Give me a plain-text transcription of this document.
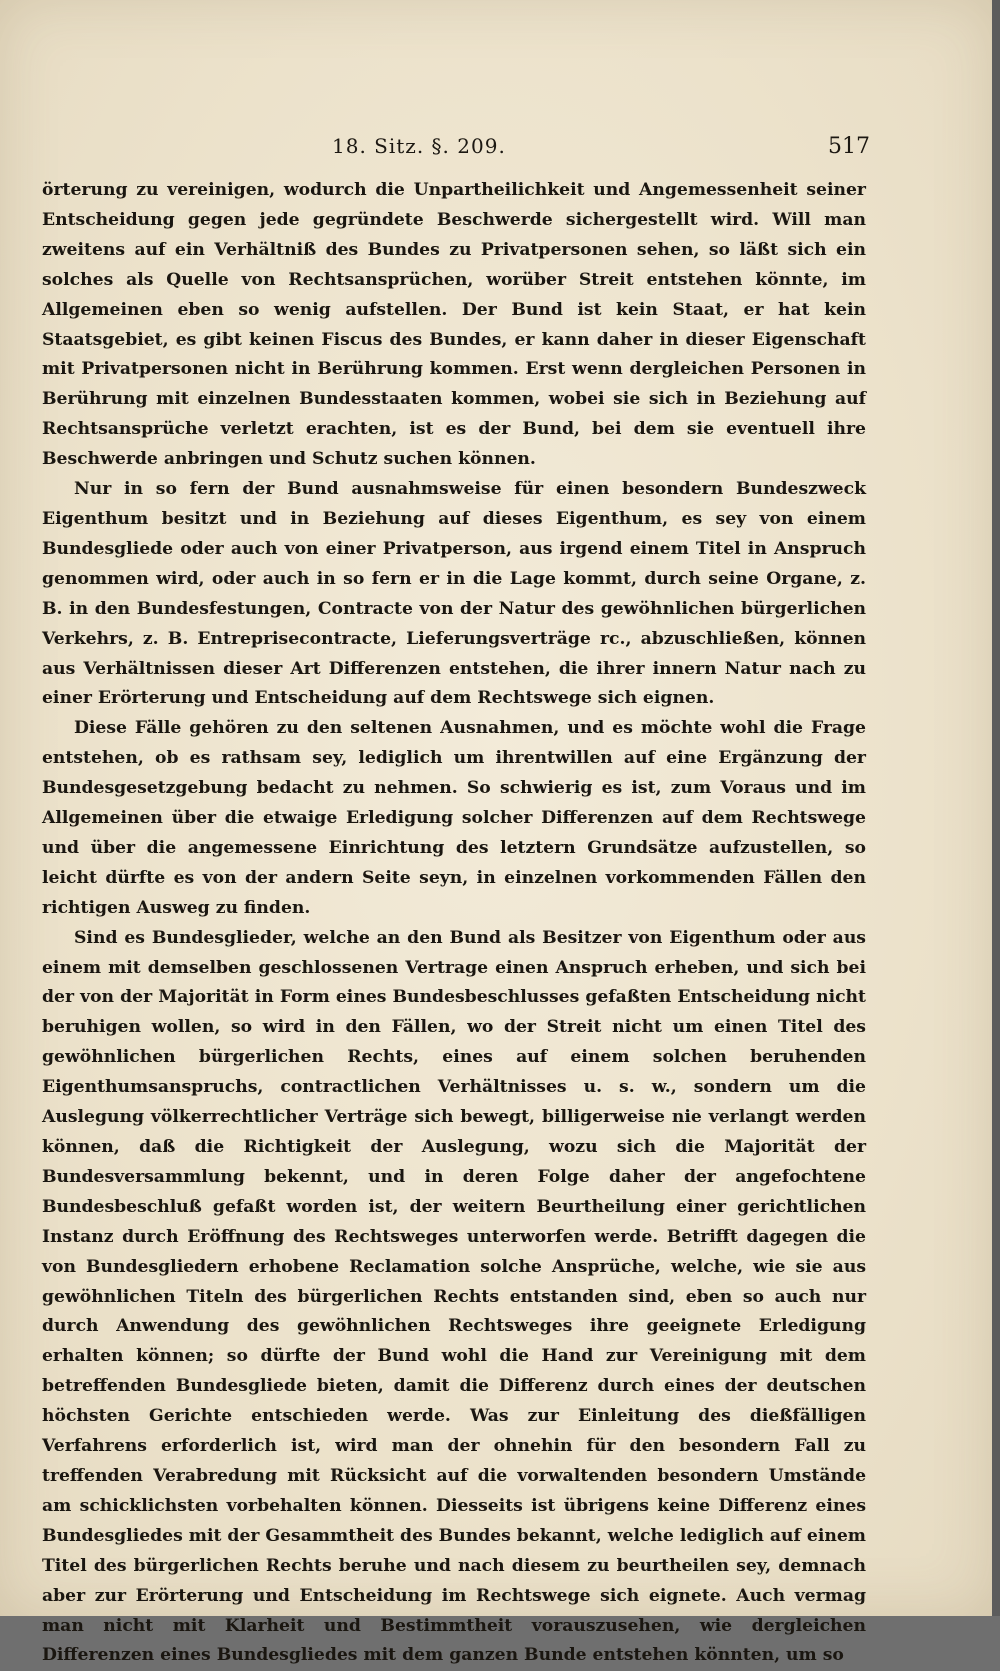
18. Sitz. §. 209.	517

örterung zu vereinigen, wodurch die Unpartheilichkeit und Angemessenheit seiner Entscheidung gegen jede gegründete Beschwerde sichergestellt wird. Will man zweitens auf ein Verhältniß des Bundes zu Privatpersonen sehen, so läßt sich ein solches als Quelle von Rechtsansprüchen, worüber Streit entstehen könnte, im Allgemeinen eben so wenig aufstellen. Der Bund ist kein Staat, er hat kein Staatsgebiet, es gibt keinen Fiscus des Bundes, er kann daher in dieser Eigenschaft mit Privatpersonen nicht in Berührung kommen. Erst wenn dergleichen Personen in Berührung mit einzelnen Bundesstaaten kommen, wobei sie sich in Beziehung auf Rechtsansprüche verletzt erachten, ist es der Bund, bei dem sie eventuell ihre Beschwerde anbringen und Schutz suchen können.

Nur in so fern der Bund ausnahmsweise für einen besondern Bundeszweck Eigenthum besitzt und in Beziehung auf dieses Eigenthum, es sey von einem Bundesgliede oder auch von einer Privatperson, aus irgend einem Titel in Anspruch genommen wird, oder auch in so fern er in die Lage kommt, durch seine Organe, z. B. in den Bundesfestungen, Contracte von der Natur des gewöhnlichen bürgerlichen Verkehrs, z. B. Entreprisecontracte, Lieferungsverträge rc., abzuschließen, können aus Verhältnissen dieser Art Differenzen entstehen, die ihrer innern Natur nach zu einer Erörterung und Entscheidung auf dem Rechtswege sich eignen.

Diese Fälle gehören zu den seltenen Ausnahmen, und es möchte wohl die Frage entstehen, ob es rathsam sey, lediglich um ihrentwillen auf eine Ergänzung der Bundesgesetzgebung bedacht zu nehmen. So schwierig es ist, zum Voraus und im Allgemeinen über die etwaige Erledigung solcher Differenzen auf dem Rechtswege und über die angemessene Einrichtung des letztern Grundsätze aufzustellen, so leicht dürfte es von der andern Seite seyn, in einzelnen vorkommenden Fällen den richtigen Ausweg zu finden.

Sind es Bundesglieder, welche an den Bund als Besitzer von Eigenthum oder aus einem mit demselben geschlossenen Vertrage einen Anspruch erheben, und sich bei der von der Majorität in Form eines Bundesbeschlusses gefaßten Entscheidung nicht beruhigen wollen, so wird in den Fällen, wo der Streit nicht um einen Titel des gewöhnlichen bürgerlichen Rechts, eines auf einem solchen beruhenden Eigenthumsanspruchs, contractlichen Verhältnisses u. s. w., sondern um die Auslegung völkerrechtlicher Verträge sich bewegt, billigerweise nie verlangt werden können, daß die Richtigkeit der Auslegung, wozu sich die Majorität der Bundesversammlung bekennt, und in deren Folge daher der angefochtene Bundesbeschluß gefaßt worden ist, der weitern Beurtheilung einer gerichtlichen Instanz durch Eröffnung des Rechtsweges unterworfen werde. Betrifft dagegen die von Bundesgliedern erhobene Reclamation solche Ansprüche, welche, wie sie aus gewöhnlichen Titeln des bürgerlichen Rechts entstanden sind, eben so auch nur durch Anwendung des gewöhnlichen Rechtsweges ihre geeignete Erledigung erhalten können; so dürfte der Bund wohl die Hand zur Vereinigung mit dem betreffenden Bundesgliede bieten, damit die Differenz durch eines der deutschen höchsten Gerichte entschieden werde. Was zur Einleitung des dießfälligen Verfahrens erforderlich ist, wird man der ohnehin für den besondern Fall zu treffenden Verabredung mit Rücksicht auf die vorwaltenden besondern Umstände am schicklichsten vorbehalten können. Diesseits ist übrigens keine Differenz eines Bundesgliedes mit der Gesammtheit des Bundes bekannt, welche lediglich auf einem Titel des bürgerlichen Rechts beruhe und nach diesem zu beurtheilen sey, demnach aber zur Erörterung und Entscheidung im Rechtswege sich eignete. Auch vermag man nicht mit Klarheit und Bestimmtheit vorauszusehen, wie dergleichen Differenzen eines Bundesgliedes mit dem ganzen Bunde entstehen könnten, um so
